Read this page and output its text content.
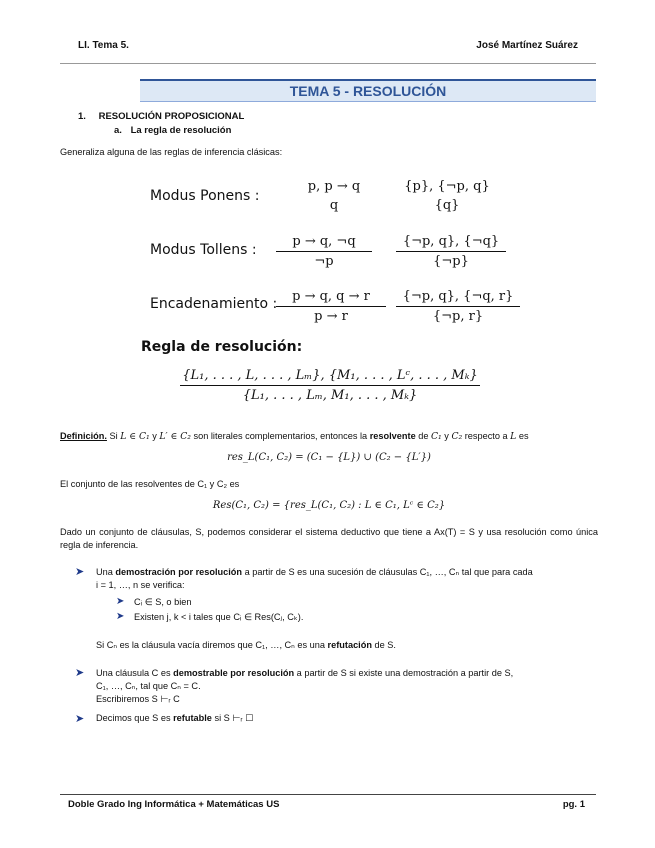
LI. Tema 5.	José Martínez Suárez
TEMA 5 - RESOLUCIÓN
1. RESOLUCIÓN PROPOSICIONAL
a. La regla de resolución
Generaliza alguna de las reglas de inferencia clásicas:
Modus Ponens :
p, p → q
q
{p}, {¬p, q}
{q}
Modus Tollens : $\frac{p \to q, \neg q}{\neg p} \frac{\{\neg p, q\}, \{\neg q\}}{\{\neg p\}}$
Encadenamiento :
$\frac{p \to q, q \to r}{p \to r} \frac{\{\neg p, q\}, \{\neg q, r\}}{\{\neg p, r\}}$
Regla de resolución:
$\frac{\text{\{L₁, . . . , L, . . . , Lₘ\}, \{M₁, . . . , Lᶜ, . . . , Mₖ\}}}{\text{\{L₁, . . . , Lₘ, M₁, . . . , Mₖ\}}}$
Definición. Si L ∈ C₁ y L′ ∈ C₂ son literales complementarios, entonces la resolvente de C₁ y C₂ respecto a L es
res_L(C₁, C₂) = (C₁ − {L}) ∪ (C₂ − {L′})
El conjunto de las resolventes de C₁ y C₂ es
Res(C₁, C₂) = {res_L(C₁, C₂) : L ∈ C₁, Lᶜ ∈ C₂}
Dado un conjunto de cláusulas, S, podemos considerar el sistema deductivo que tiene a Ax(T) = S y usa resolución como única regla de inferencia.
➤ Una demostración por resolución a partir de S es una sucesión de cláusulas C₁, …, Cₙ tal que para cada
i = 1, …, n se verifica:
➤ Cᵢ ∈ S, o bien
➤ Existen j, k < i tales que Cᵢ ∈ Res(Cⱼ, Cₖ).
Si Cₙ es la cláusula vacía diremos que C₁, …, Cₙ es una refutación de S.
➤ Una cláusula C es demostrable por resolución a partir de S si existe una demostración a partir de S,
C₁, …, Cₙ, tal que Cₙ = C.
Escribiremos S ⊢ᵣ C
➤ Decimos que S es refutable si S ⊢ᵣ ☐
Doble Grado Ing Informática + Matemáticas US	pg. 1
